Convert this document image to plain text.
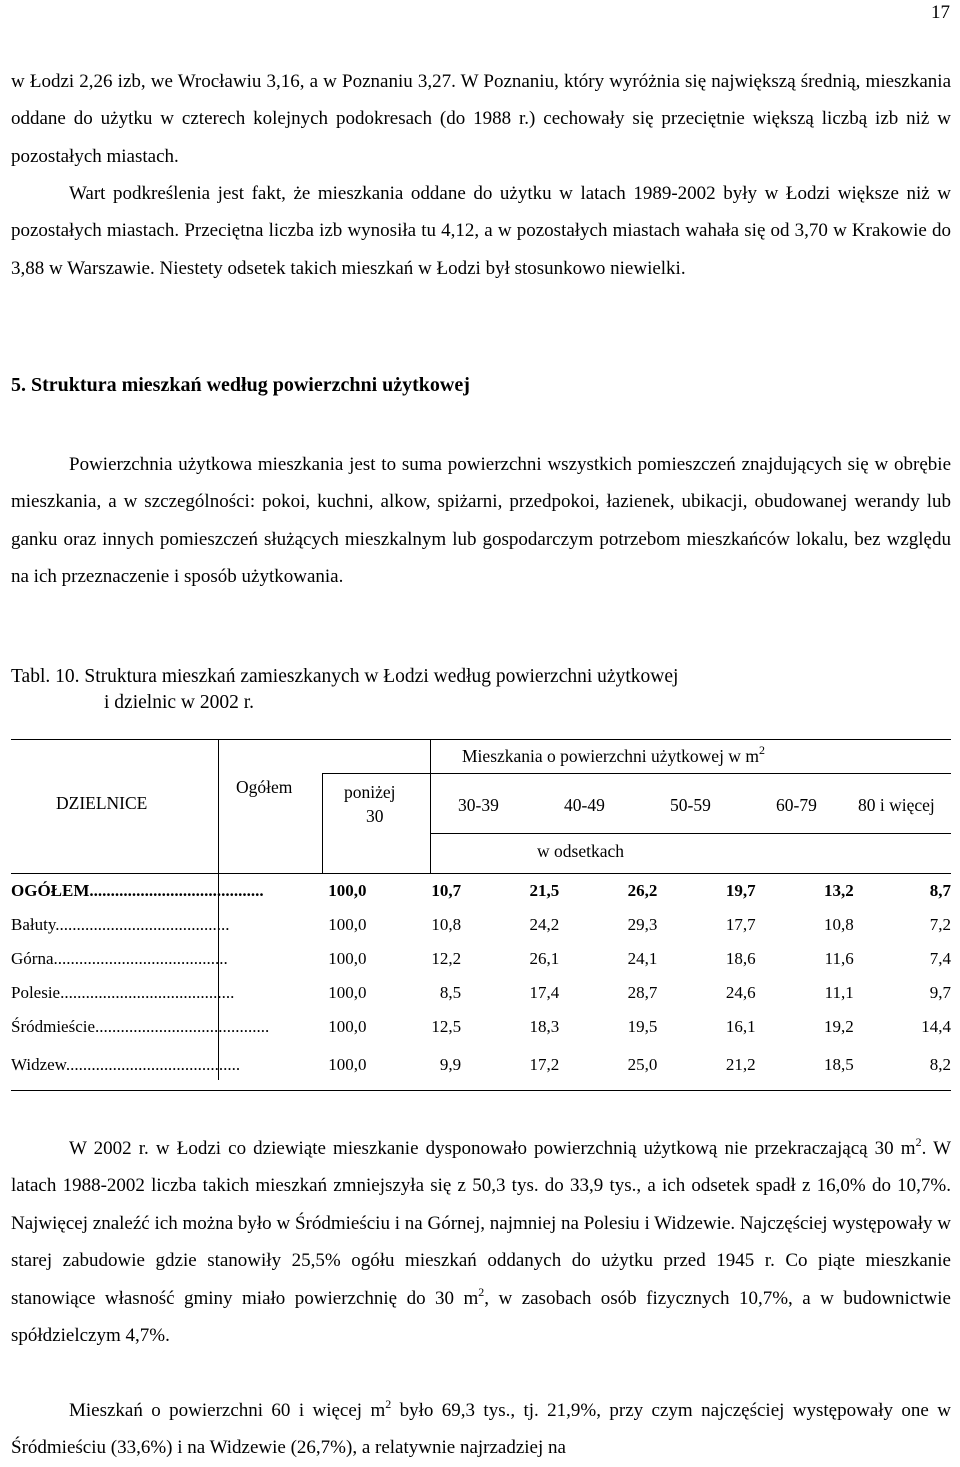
17

w Łodzi 2,26 izb, we Wrocławiu 3,16, a w Poznaniu 3,27. W Poznaniu, który wyróżnia się największą średnią, mieszkania oddane do użytku w czterech kolejnych podokresach (do 1988 r.) cechowały się przeciętnie większą liczbą izb niż w pozostałych miastach.

Wart podkreślenia jest fakt, że mieszkania oddane do użytku w latach 1989-2002 były w Łodzi większe niż w pozostałych miastach. Przeciętna liczba izb wynosiła tu 4,12, a w pozostałych miastach wahała się od 3,70 w Krakowie do 3,88 w Warszawie. Niestety odsetek takich mieszkań w Łodzi był stosunkowo niewielki.

5. Struktura mieszkań według powierzchni użytkowej

Powierzchnia użytkowa mieszkania jest to suma powierzchni wszystkich pomieszczeń znajdujących się w obrębie mieszkania, a w szczególności: pokoi, kuchni, alkow, spiżarni, przedpokoi, łazienek, ubikacji, obudowanej werandy lub ganku oraz innych pomieszczeń służących mieszkalnym lub gospodarczym potrzebom mieszkańców lokalu, bez względu na ich przeznaczenie i sposób użytkowania.

Tabl. 10. Struktura mieszkań zamieszkanych w Łodzi według powierzchni użytkowej
i dzielnic w 2002 r.
DZIELNICE
Ogółem	poniżej
30
Mieszkania o powierzchni użytkowej w $m^2$
30-39	40-49	50-59	60-79 80 i więcej
w odsetkach
OGÓŁEM.........................................	100,0	10,7	21,5	26,2	19,7	13,2	8,7
Bałuty.........................................	100,0	10,8	24,2	29,3	17,7	10,8	7,2
Górna.........................................	100,0	12,2	26,1	24,1	18,6	11,6	7,4
Polesie.........................................	100,0	8,5	17,4	28,7	24,6	11,1	9,7
Śródmieście.........................................	100,0	12,5	18,3	19,5	16,1	19,2	14,4
Widzew.........................................	100,0	9,9	17,2	25,0	21,2	18,5	8,2

W 2002 r. w Łodzi co dziewiąte mieszkanie dysponowało powierzchnią użytkową nie przekraczającą 30 $m^2$. W latach 1988-2002 liczba takich mieszkań zmniejszyła się z 50,3 tys. do 33,9 tys., a ich odsetek spadł z 16,0% do 10,7%. Najwięcej znaleźć ich można było w Śródmieściu i na Górnej, najmniej na Polesiu i Widzewie. Najczęściej występowały w starej zabudowie gdzie stanowiły 25,5% ogółu mieszkań oddanych do użytku przed 1945 r. Co piąte mieszkanie stanowiące własność gminy miało powierzchnię do 30 $m^2$, w zasobach osób fizycznych 10,7%, a w budownictwie spółdzielczym 4,7%.

Mieszkań o powierzchni 60 i więcej $m^2$ było 69,3 tys., tj. 21,9%, przy czym najczęściej występowały one w Śródmieściu (33,6%) i na Widzewie (26,7%), a relatywnie najrzadziej na
